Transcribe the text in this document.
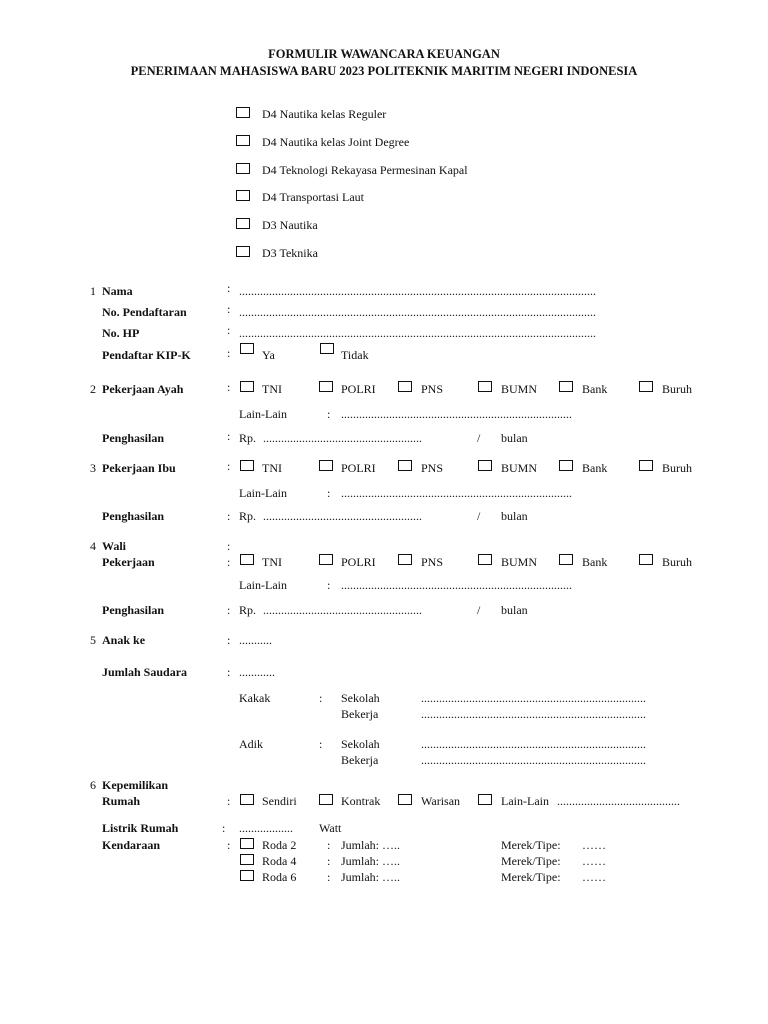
FORMULIR WAWANCARA KEUANGAN
PENERIMAAN MAHASISWA BARU 2023 POLITEKNIK MARITIM NEGERI INDONESIA
D4 Nautika kelas Reguler
D4 Nautika kelas Joint Degree
D4 Teknologi Rekayasa Permesinan Kapal
D4 Transportasi Laut
D3 Nautika
D3 Teknika
1 Nama	: .......................................................................................................................
No. Pendaftaran	: .......................................................................................................................
No. HP	: .......................................................................................................................
Pendaftar KIP-K	:	Ya	Tidak
2 Pekerjaan Ayah	:	TNI	POLRI	PNS	BUMN	Bank	Buruh
Lain-Lain	: .............................................................................
Penghasilan	: Rp. .....................................................	/ bulan
3 Pekerjaan Ibu	:	TNI	POLRI	PNS	BUMN	Bank	Buruh
Lain-Lain	: .............................................................................
Penghasilan	: Rp. .....................................................	/ bulan
4 Wali	:
Pekerjaan	:	TNI	POLRI	PNS	BUMN	Bank	Buruh
Lain-Lain	: .............................................................................
Penghasilan	: Rp. .....................................................	/ bulan
5 Anak ke	: ...........
Jumlah Saudara	: ............
Kakak	: Sekolah	...........................................................................
Bekerja	...........................................................................
Adik	: Sekolah	...........................................................................
Bekerja	...........................................................................
6 Kepemilikan
Rumah	:	Sendiri	Kontrak	Warisan	Lain-Lain .........................................
Listrik Rumah	: .................. Watt
Kendaraan	:	Roda 2	: Jumlah: …..	Merek/Tipe: ……
Roda 4	: Jumlah: …..	Merek/Tipe: ……
Roda 6	: Jumlah: …..	Merek/Tipe: ……
